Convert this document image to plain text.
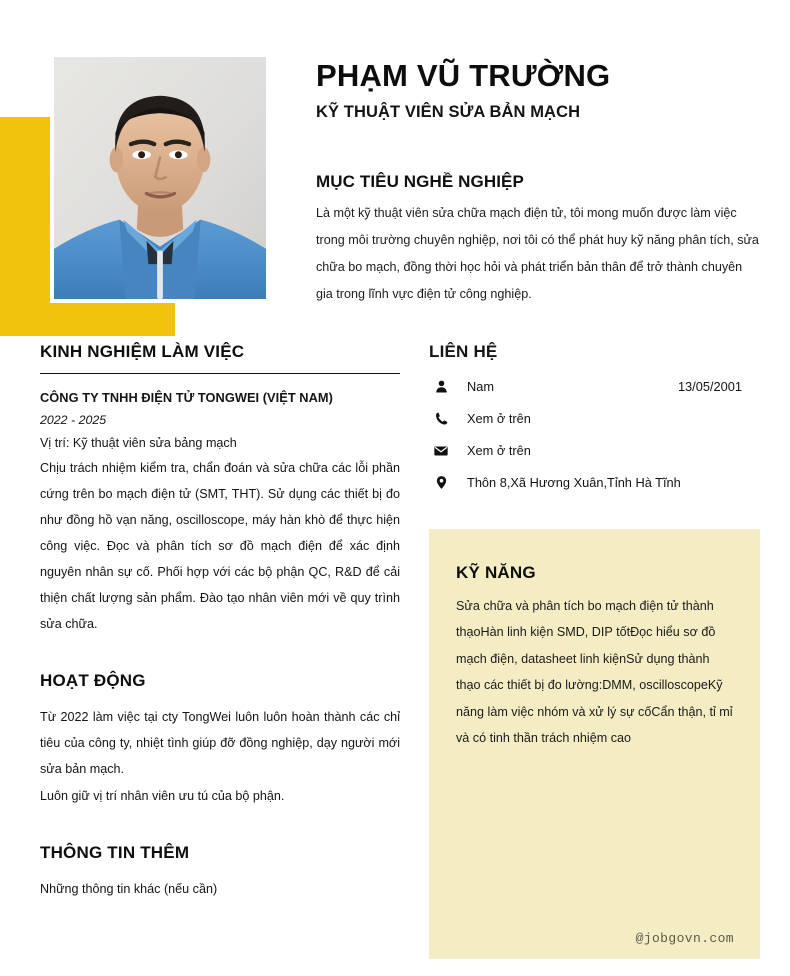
PHẠM VŨ TRƯỜNG
KỸ THUẬT VIÊN SỬA BẢN MẠCH
MỤC TIÊU NGHỀ NGHIỆP
Là một kỹ thuật viên sửa chữa mạch điện tử, tôi mong muốn được làm việc trong môi trường chuyên nghiệp, nơi tôi có thể phát huy kỹ năng phân tích, sửa chữa bo mạch, đồng thời học hỏi và phát triển bản thân để trở thành chuyên gia trong lĩnh vực điện tử công nghiệp.
KINH NGHIỆM LÀM VIỆC
CÔNG TY TNHH ĐIỆN TỬ TONGWEI (VIỆT NAM)
2022 - 2025
Vị trí: Kỹ thuật viên sửa bảng mạch
Chịu trách nhiệm kiểm tra, chẩn đoán và sửa chữa các lỗi phần cứng trên bo mạch điện tử (SMT, THT). Sử dụng các thiết bị đo như đồng hồ vạn năng, oscilloscope, máy hàn khò để thực hiện công việc. Đọc và phân tích sơ đồ mạch điện để xác định nguyên nhân sự cố. Phối hợp với các bộ phận QC, R&D để cải thiện chất lượng sản phẩm. Đào tạo nhân viên mới về quy trình sửa chữa.
HOẠT ĐỘNG
Từ 2022 làm việc tại cty TongWei luôn luôn hoàn thành các chỉ tiêu của công ty, nhiệt tình giúp đỡ đồng nghiệp, dạy người mới sửa bản mạch.
Luôn giữ vị trí nhân viên ưu tú của bộ phận.
THÔNG TIN THÊM
Những thông tin khác (nếu cần)
LIÊN HỆ
Nam	13/05/2001
Xem ở trên
Xem ở trên
Thôn 8,Xã Hương Xuân,Tỉnh Hà Tĩnh
KỸ NĂNG
Sửa chữa và phân tích bo mạch điện tử thành thạoHàn linh kiện SMD, DIP tốtĐọc hiểu sơ đồ mạch điện, datasheet linh kiệnSử dụng thành thạo các thiết bị đo lường:DMM, oscilloscopeKỹ năng làm việc nhóm và xử lý sự cốCẩn thận, tỉ mỉ và có tinh thần trách nhiệm cao
@jobgovn.com
